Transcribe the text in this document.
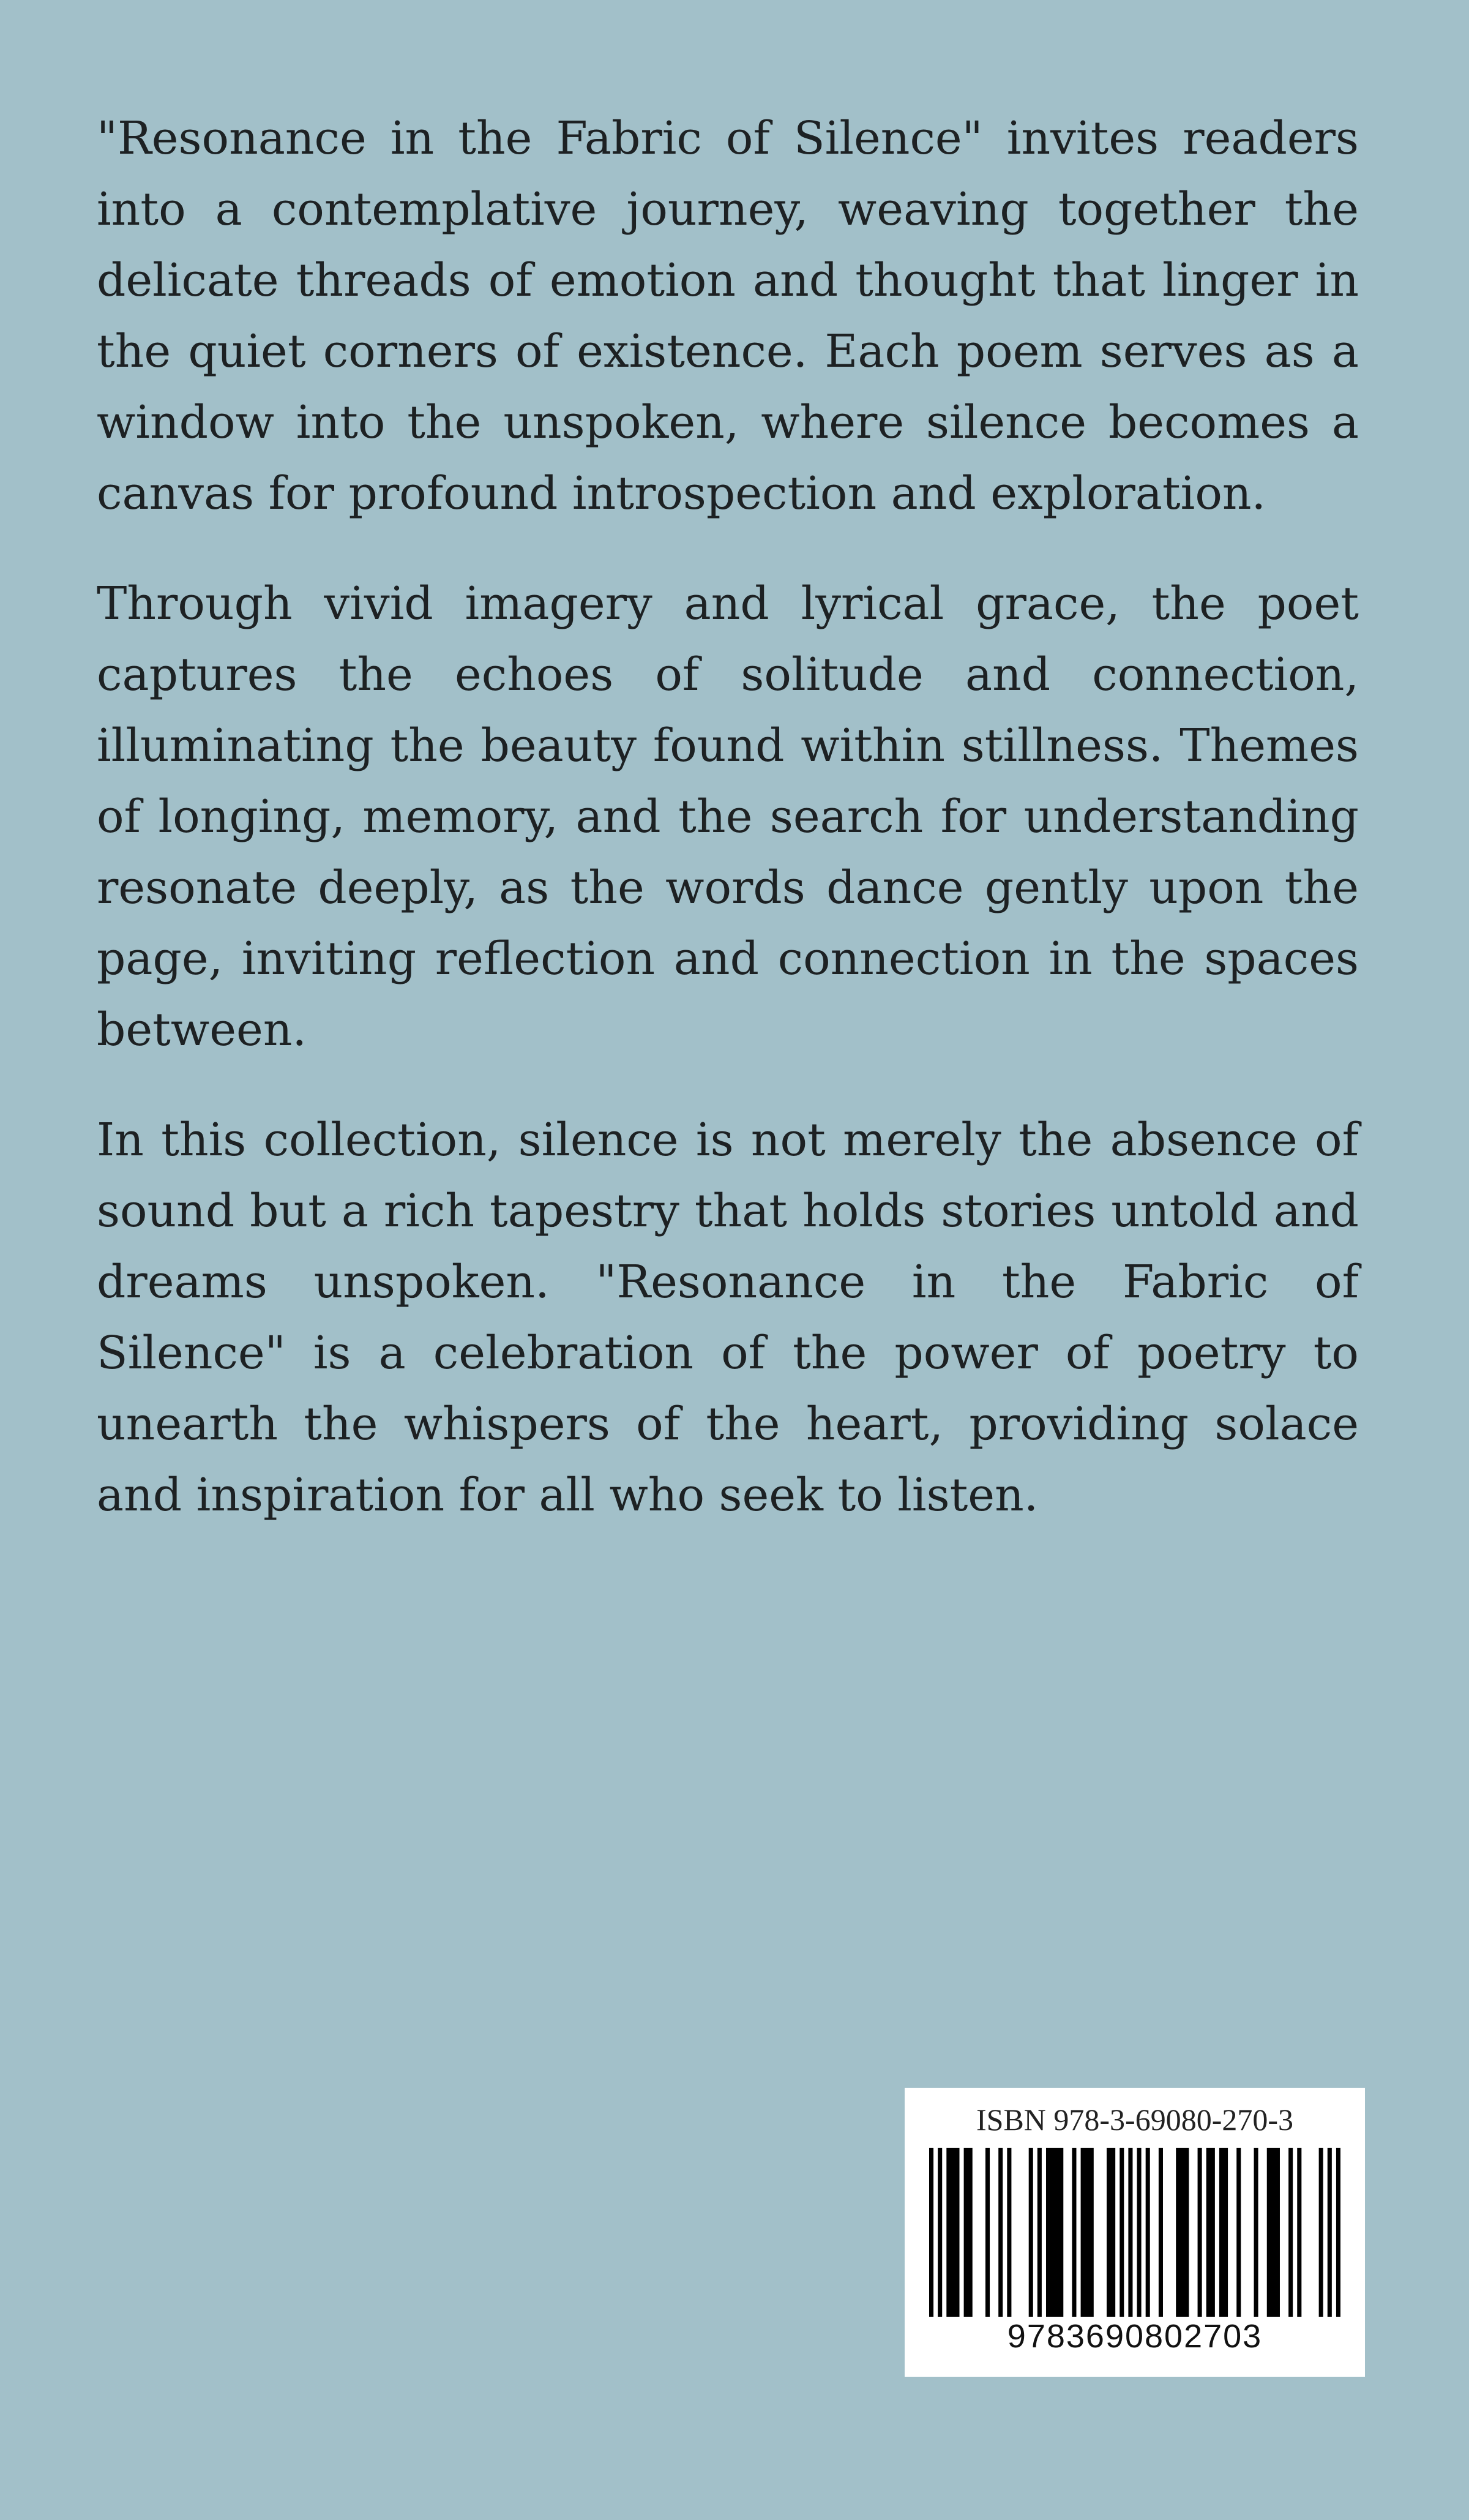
"Resonance in the Fabric of Silence" invites readers into a contemplative journey, weaving together the delicate threads of emotion and thought that linger in the quiet corners of existence. Each poem serves as a window into the unspoken, where silence becomes a canvas for profound introspection and exploration.

Through vivid imagery and lyrical grace, the poet captures the echoes of solitude and connection, illuminating the beauty found within stillness. Themes of longing, memory, and the search for understanding resonate deeply, as the words dance gently upon the page, inviting reflection and connection in the spaces between.

In this collection, silence is not merely the absence of sound but a rich tapestry that holds stories untold and dreams unspoken. "Resonance in the Fabric of Silence" is a celebration of the power of poetry to unearth the whispers of the heart, providing solace and inspiration for all who seek to listen.

ISBN 978-3-69080-270-3
9783690802703
